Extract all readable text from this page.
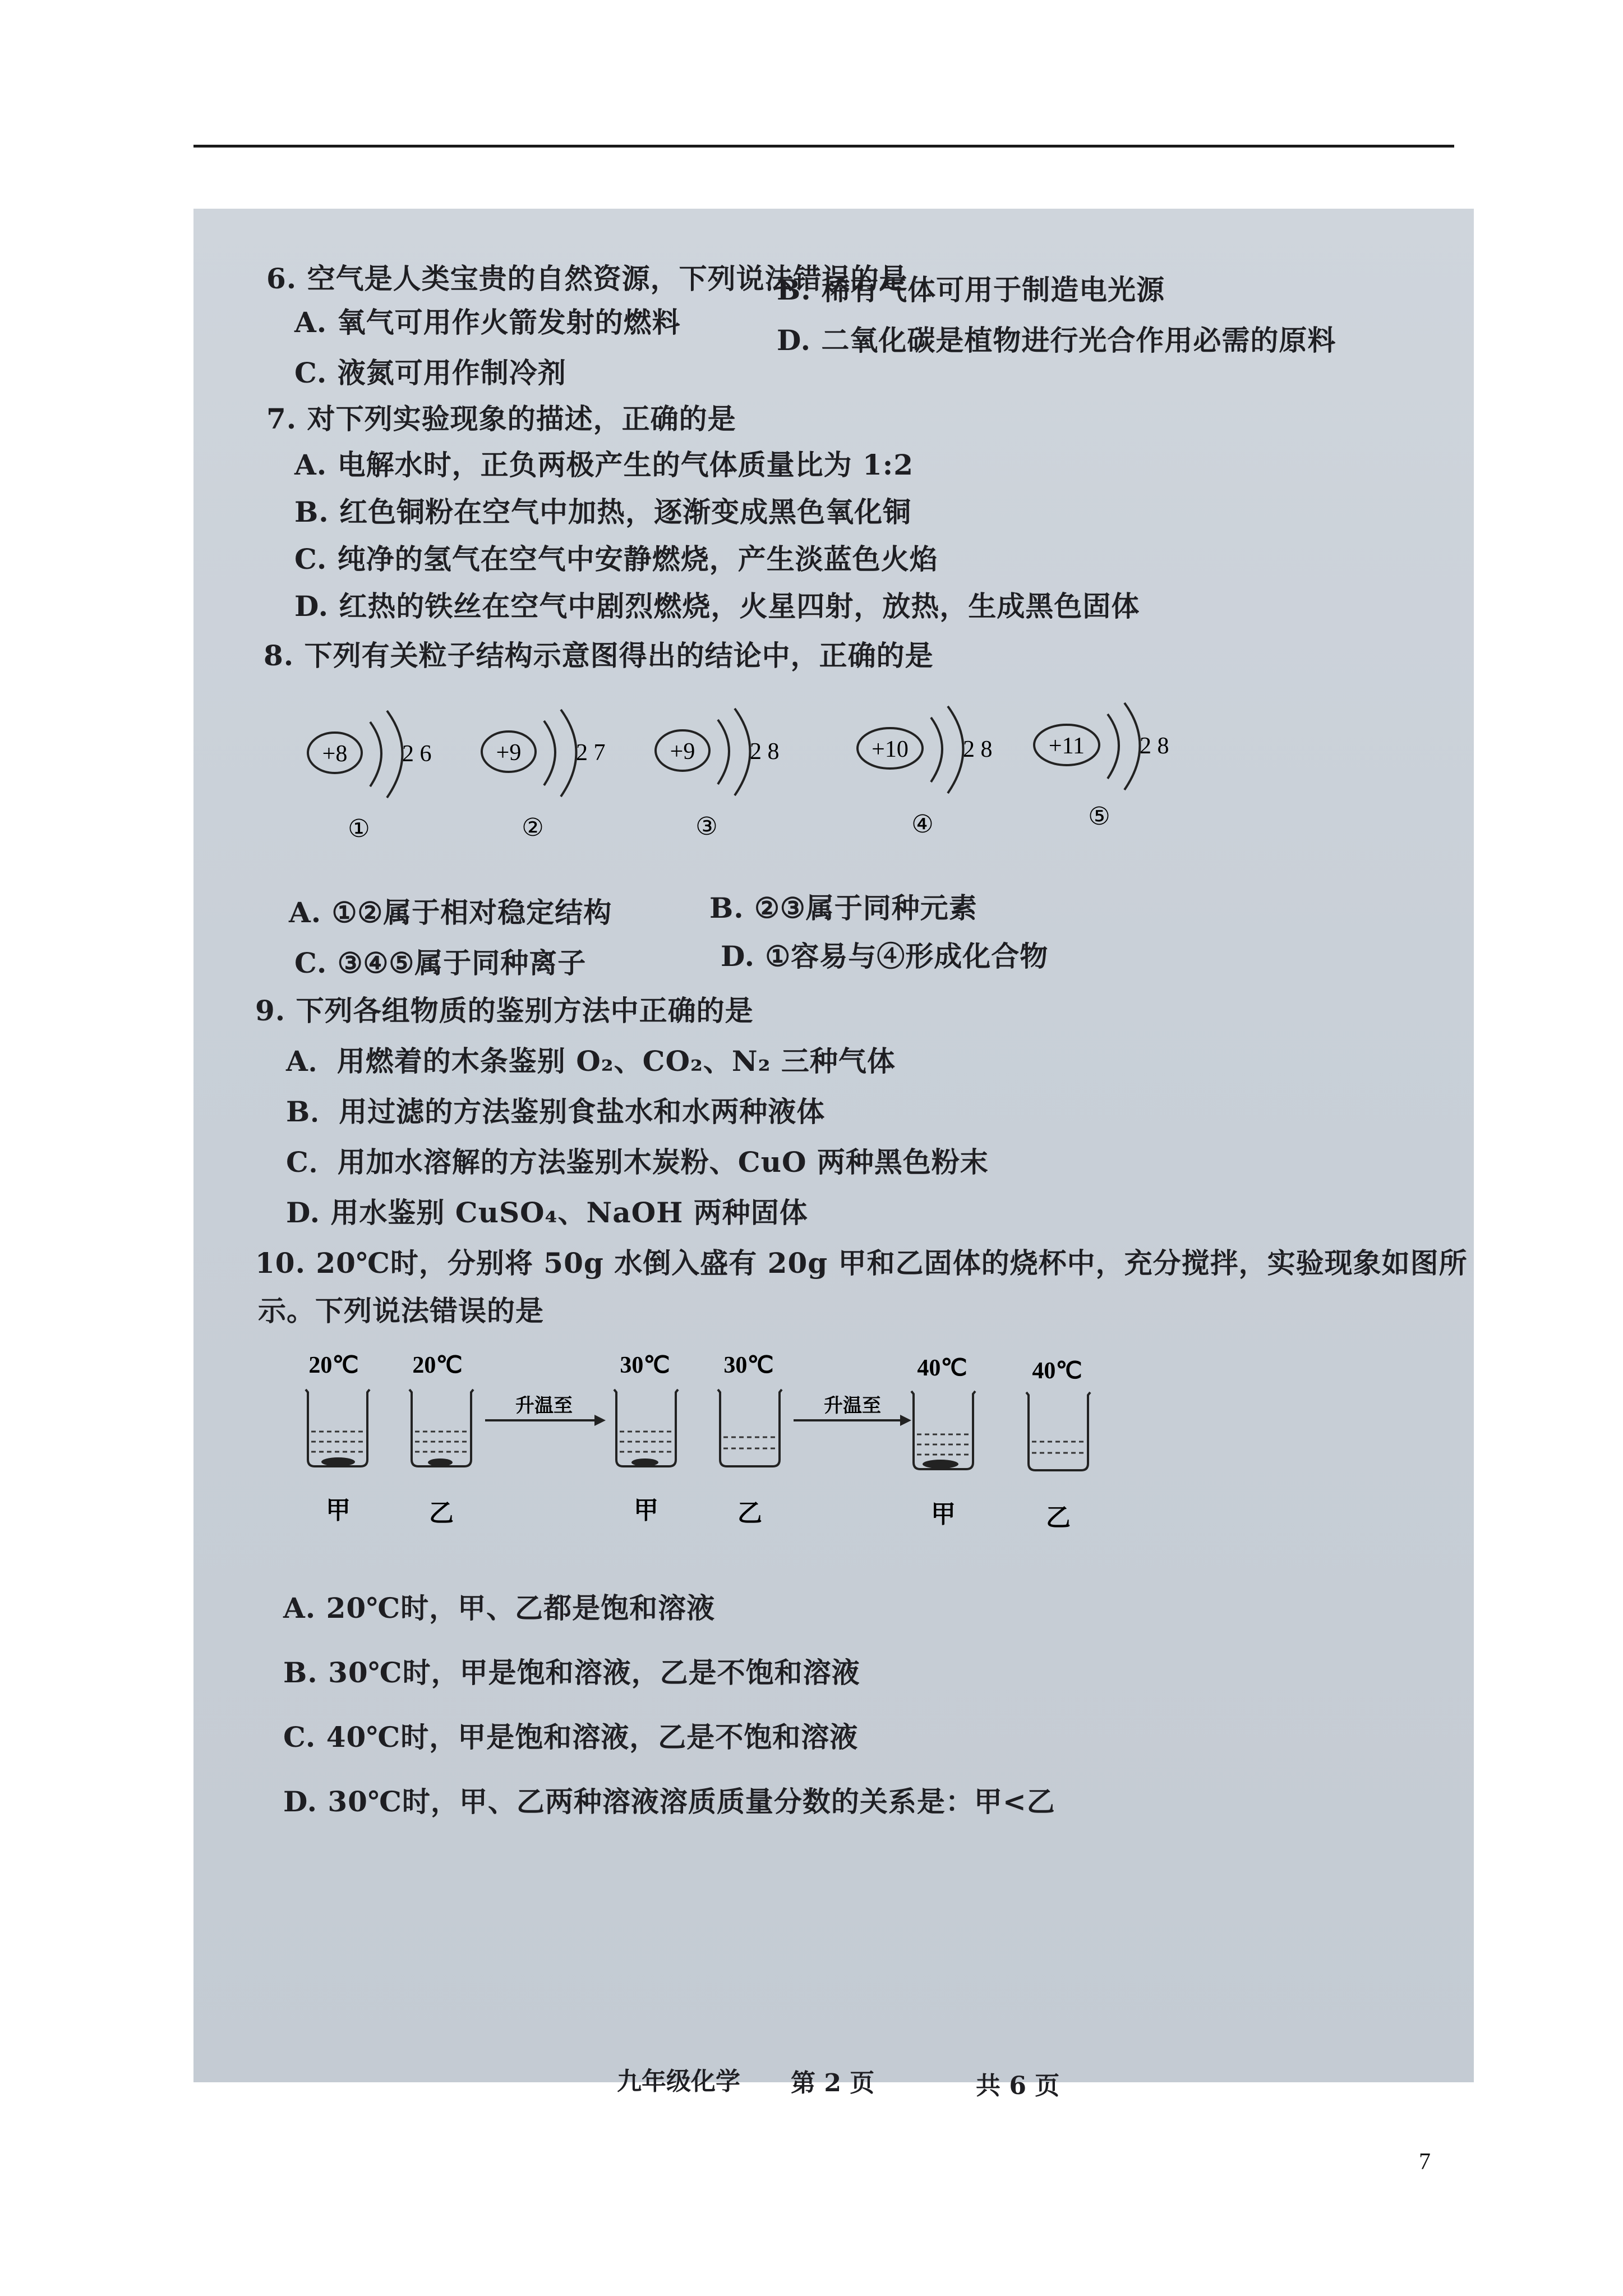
6. 空气是人类宝贵的自然资源，下列说法错误的是
A. 氧气可用作火箭发射的燃料
B. 稀有气体可用于制造电光源
C. 液氮可用作制冷剂
D. 二氧化碳是植物进行光合作用必需的原料
7. 对下列实验现象的描述，正确的是
A. 电解水时，正负两极产生的气体质量比为 1:2
B. 红色铜粉在空气中加热，逐渐变成黑色氧化铜
C. 纯净的氢气在空气中安静燃烧，产生淡蓝色火焰
D. 红热的铁丝在空气中剧烈燃烧，火星四射，放热，生成黑色固体
8. 下列有关粒子结构示意图得出的结论中，正确的是
+8 2 6
①
+9 2 7
②
+9 2 8
③
+10 2 8
④
+11 2 8
⑤
A. ①②属于相对稳定结构	B. ②③属于同种元素
C. ③④⑤属于同种离子	D. ①容易与④形成化合物
9. 下列各组物质的鉴别方法中正确的是
A．用燃着的木条鉴别 O₂、CO₂、N₂ 三种气体
B．用过滤的方法鉴别食盐水和水两种液体
C．用加水溶解的方法鉴别木炭粉、CuO 两种黑色粉末
D. 用水鉴别 CuSO₄、NaOH 两种固体
10. 20℃时，分别将 50g 水倒入盛有 20g 甲和乙固体的烧杯中，充分搅拌，实验现象如图所
示。下列说法错误的是
20℃ 20℃	30℃ 30℃	40℃	40℃
升温至	升温至
甲	乙	甲	乙	甲	乙
A. 20℃时，甲、乙都是饱和溶液
B. 30℃时，甲是饱和溶液，乙是不饱和溶液
C. 40℃时，甲是饱和溶液，乙是不饱和溶液
D. 30℃时，甲、乙两种溶液溶质质量分数的关系是：甲<乙
九年级化学 第 2 页	共 6 页
7
